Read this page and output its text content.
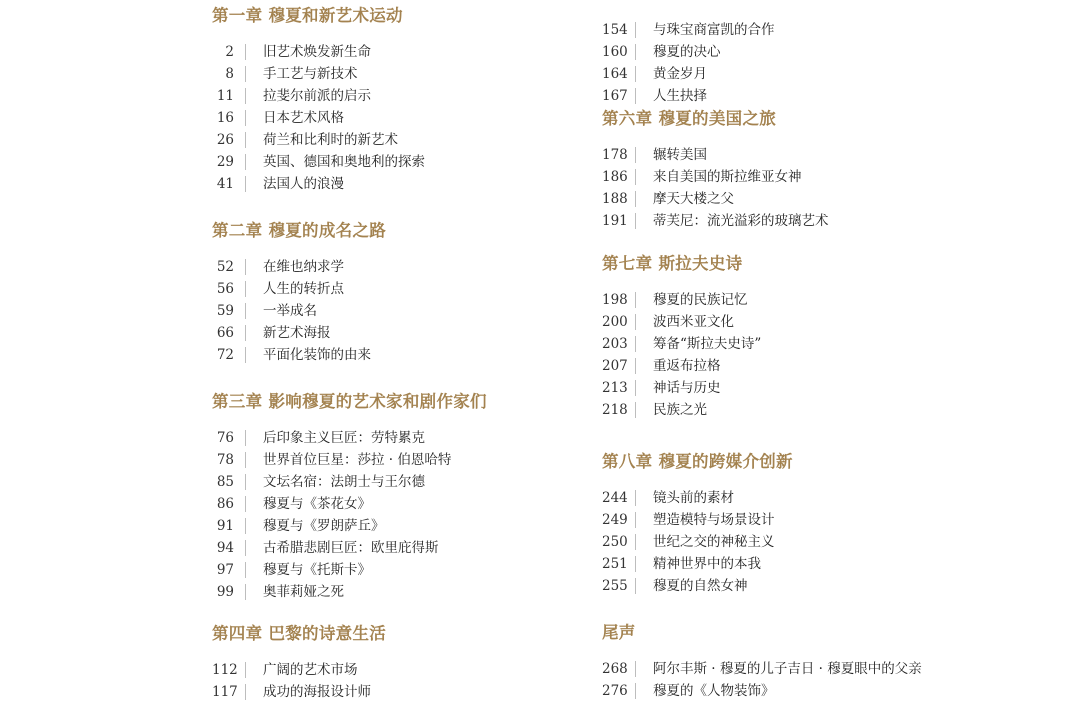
第一章 穆夏和新艺术运动
2	旧艺术焕发新生命
8	手工艺与新技术
11	拉斐尔前派的启示
16	日本艺术风格
26	荷兰和比利时的新艺术
29	英国、德国和奥地利的探索
41	法国人的浪漫
第二章 穆夏的成名之路
52	在维也纳求学
56	人生的转折点
59	一举成名
66	新艺术海报
72	平面化装饰的由来
第三章 影响穆夏的艺术家和剧作家们
76	后印象主义巨匠：劳特累克
78	世界首位巨星：莎拉 · 伯恩哈特
85	文坛名宿：法朗士与王尔德
86	穆夏与《茶花女》
91	穆夏与《罗朗萨丘》
94	古希腊悲剧巨匠：欧里庇得斯
97	穆夏与《托斯卡》
99	奥菲莉娅之死
第四章 巴黎的诗意生活
112	广阔的艺术市场
117	成功的海报设计师
154	与珠宝商富凯的合作
160	穆夏的决心
164	黄金岁月
167	人生抉择
第六章 穆夏的美国之旅
178	辗转美国
186	来自美国的斯拉维亚女神
188	摩天大楼之父
191	蒂芙尼：流光溢彩的玻璃艺术
第七章 斯拉夫史诗
198	穆夏的民族记忆
200	波西米亚文化
203	筹备“斯拉夫史诗”
207	重返布拉格
213	神话与历史
218	民族之光
第八章 穆夏的跨媒介创新
244	镜头前的素材
249	塑造模特与场景设计
250	世纪之交的神秘主义
251	精神世界中的本我
255	穆夏的自然女神
尾声
268	阿尔丰斯 · 穆夏的儿子吉日 · 穆夏眼中的父亲
276	穆夏的《人物装饰》
